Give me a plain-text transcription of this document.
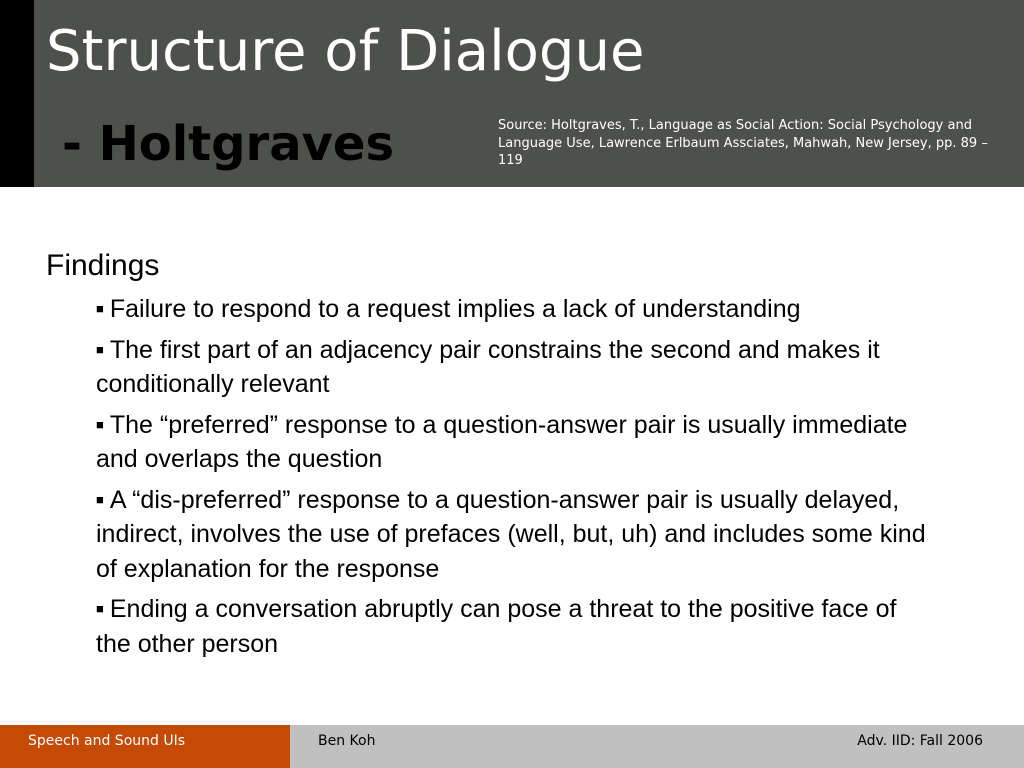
Structure of Dialogue
- Holtgraves	Source: Holtgraves, T., Language as Social Action: Social Psychology and Language Use, Lawrence Erlbaum Assciates, Mahwah, New Jersey, pp. 89 – 119
Findings
■ Failure to respond to a request implies a lack of understanding
■ The first part of an adjacency pair constrains the second and makes it conditionally relevant
■ The “preferred” response to a question-answer pair is usually immediate and overlaps the question
■ A “dis-preferred” response to a question-answer pair is usually delayed, indirect, involves the use of prefaces (well, but, uh) and includes some kind of explanation for the response
■ Ending a conversation abruptly can pose a threat to the positive face of the other person
Speech and Sound UIs	Ben Koh	Adv. IID: Fall 2006
